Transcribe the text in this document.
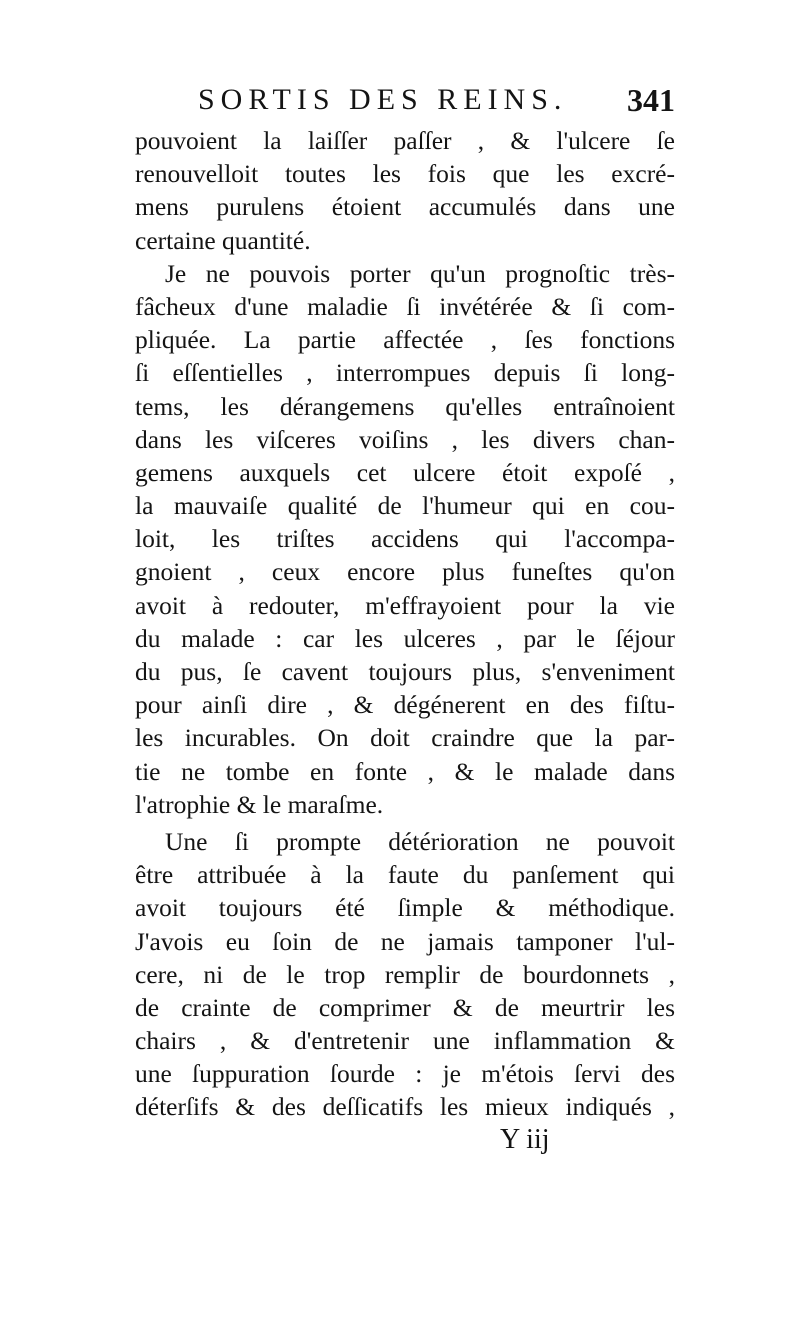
SORTIS DES REINS. 341
pouvoient la laiſſer paſſer , & l'ulcere ſe
renouvelloit toutes les fois que les excré-
mens purulens étoient accumulés dans une
certaine quantité.
Je ne pouvois porter qu'un prognoſtic très-
fâcheux d'une maladie ſi invétérée & ſi com-
pliquée. La partie affectée , ſes fonctions
ſi eſſentielles , interrompues depuis ſi long-
tems, les dérangemens qu'elles entraînoient
dans les viſceres voiſins , les divers chan-
gemens auxquels cet ulcere étoit expoſé ,
la mauvaiſe qualité de l'humeur qui en cou-
loit, les triſtes accidens qui l'accompa-
gnoient , ceux encore plus funeſtes qu'on
avoit à redouter, m'effrayoient pour la vie
du malade : car les ulceres , par le ſéjour
du pus, ſe cavent toujours plus, s'enveniment
pour ainſi dire , & dégénerent en des fiſtu-
les incurables. On doit craindre que la par-
tie ne tombe en fonte , & le malade dans
l'atrophie & le maraſme.
Une ſi prompte détérioration ne pouvoit
être attribuée à la faute du panſement qui
avoit toujours été ſimple & méthodique.
J'avois eu ſoin de ne jamais tamponer l'ul-
cere, ni de le trop remplir de bourdonnets ,
de crainte de comprimer & de meurtrir les
chairs , & d'entretenir une inflammation &
une ſuppuration ſourde : je m'étois ſervi des
déterſifs & des deſſicatifs les mieux indiqués ,
Y iij
